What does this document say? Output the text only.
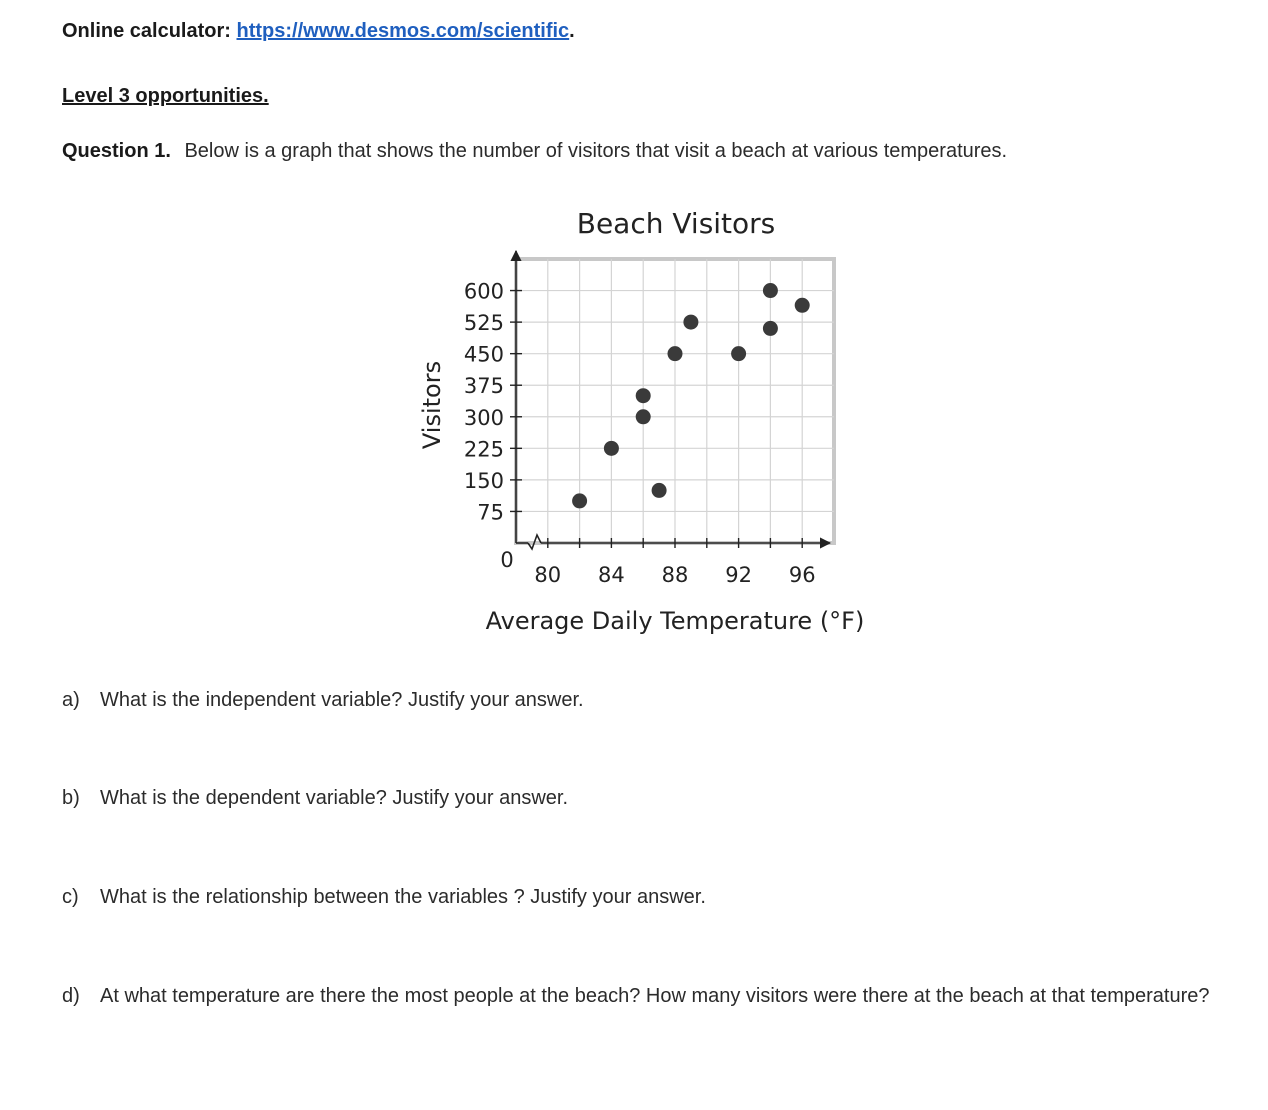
Online calculator: https://www.desmos.com/scientific.
Level 3 opportunities.
Question 1. Below is a graph that shows the number of visitors that visit a beach at various temperatures.
Beach Visitors
600
525
450
375
300
225
150
75
80 84 88 92 96
Visitors
0
Average Daily Temperature (°F)
a)	What is the independent variable? Justify your answer.
b)	What is the dependent variable? Justify your answer.
c)	What is the relationship between the variables ? Justify your answer.
d)	At what temperature are there the most people at the beach? How many visitors were there at the beach at that temperature?
